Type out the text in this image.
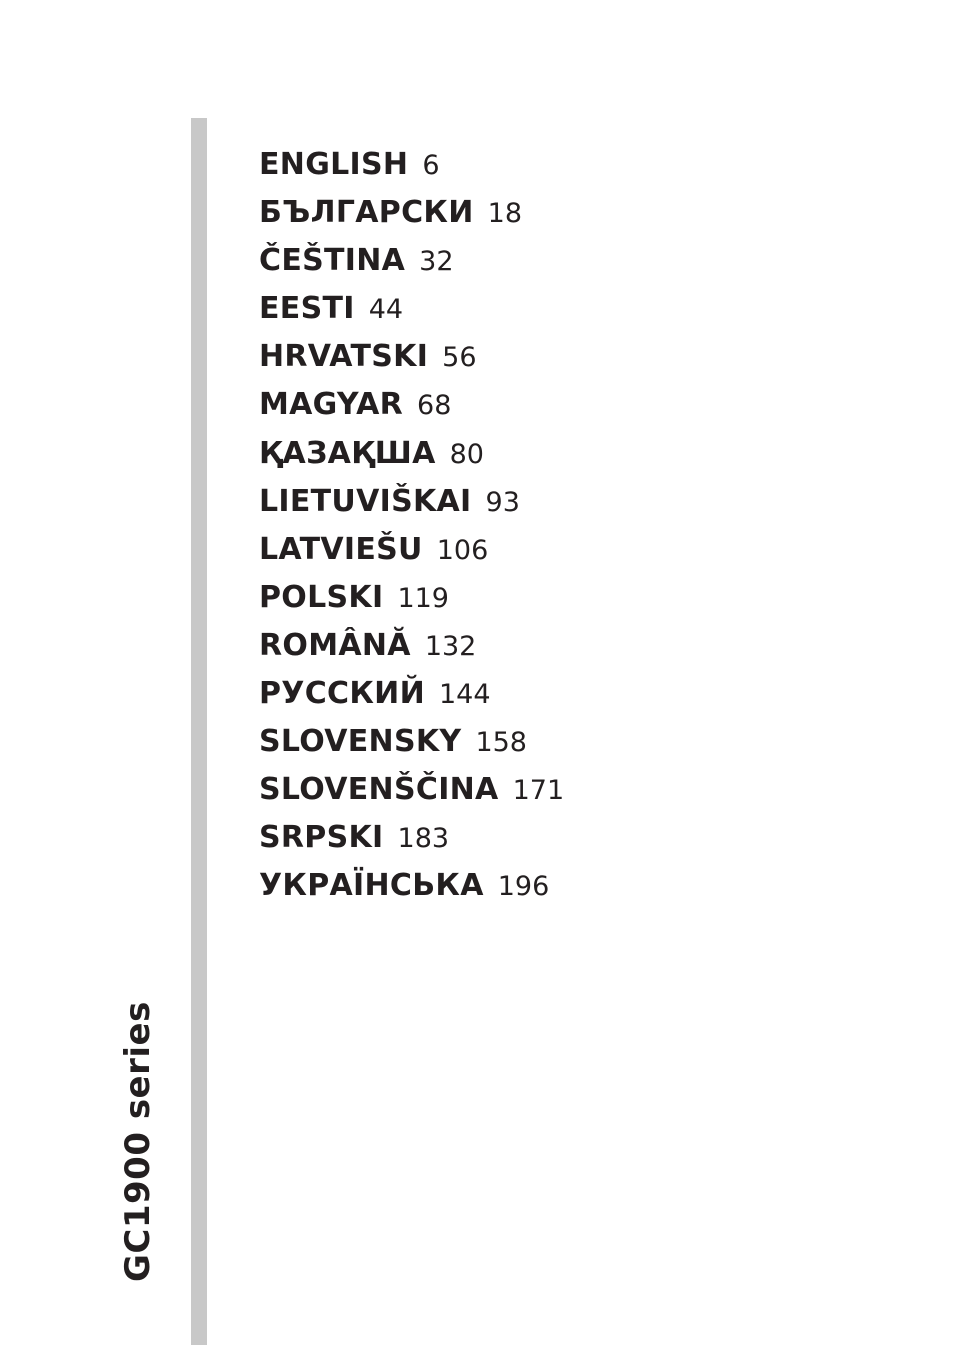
GC1900 series
ENGLISH 6
БЪЛГАРСКИ 18
ČEŠTINA 32
EESTI 44
HRVATSKI 56
MAGYAR 68
ҚАЗАҚША 80
LIETUVIŠKAI 93
LATVIEŠU 106
POLSKI 119
ROMÂNĂ 132
РУССКИЙ 144
SLOVENSKY 158
SLOVENŠČINA 171
SRPSKI 183
УКРАЇНСЬКА 196
